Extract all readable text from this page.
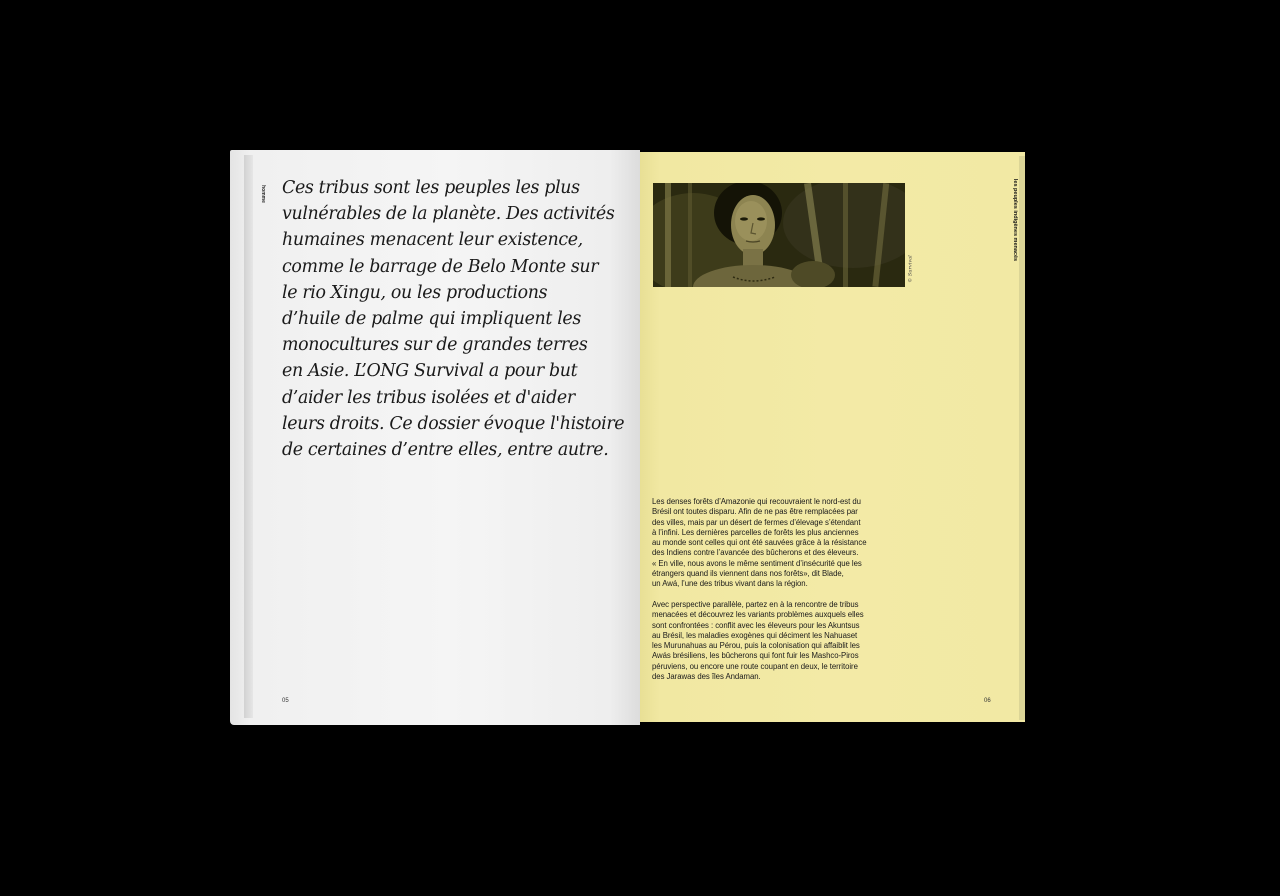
homme Ces tribus sont les peuples les plus
vulnérables de la planète. Des activités
humaines menacent leur existence,
comme le barrage de Belo Monte sur
le rio Xingu, ou les productions
d’huile de palme qui impliquent les
monocultures sur de grandes terres
en Asie. L’ONG Survival a pour but
d’aider les tribus isolées et d'aider
leurs droits. Ce dossier évoque l'histoire
de certaines d’entre elles, entre autre.
05
© Survival
les peuples indigènes menacés
Les denses forêts d’Amazonie qui recouvraient le nord-est du
Brésil ont toutes disparu. Afin de ne pas être remplacées par
des villes, mais par un désert de fermes d’élevage s’étendant
à l’infini. Les dernières parcelles de forêts les plus anciennes
au monde sont celles qui ont été sauvées grâce à la résistance
des Indiens contre l’avancée des bûcherons et des éleveurs.
« En ville, nous avons le même sentiment d’insécurité que les
étrangers quand ils viennent dans nos forêts», dit Blade,
un Awá, l’une des tribus vivant dans la région.
Avec perspective parallèle, partez en à la rencontre de tribus
menacées et découvrez les variants problèmes auxquels elles
sont confrontées : conflit avec les éleveurs pour les Akuntsus
au Brésil, les maladies exogènes qui déciment les Nahuaset
les Murunahuas au Pérou, puis la colonisation qui affaiblit les
Awás brésiliens, les bûcherons qui font fuir les Mashco-Piros
péruviens, ou encore une route coupant en deux, le territoire
des Jarawas des îles Andaman.
06
